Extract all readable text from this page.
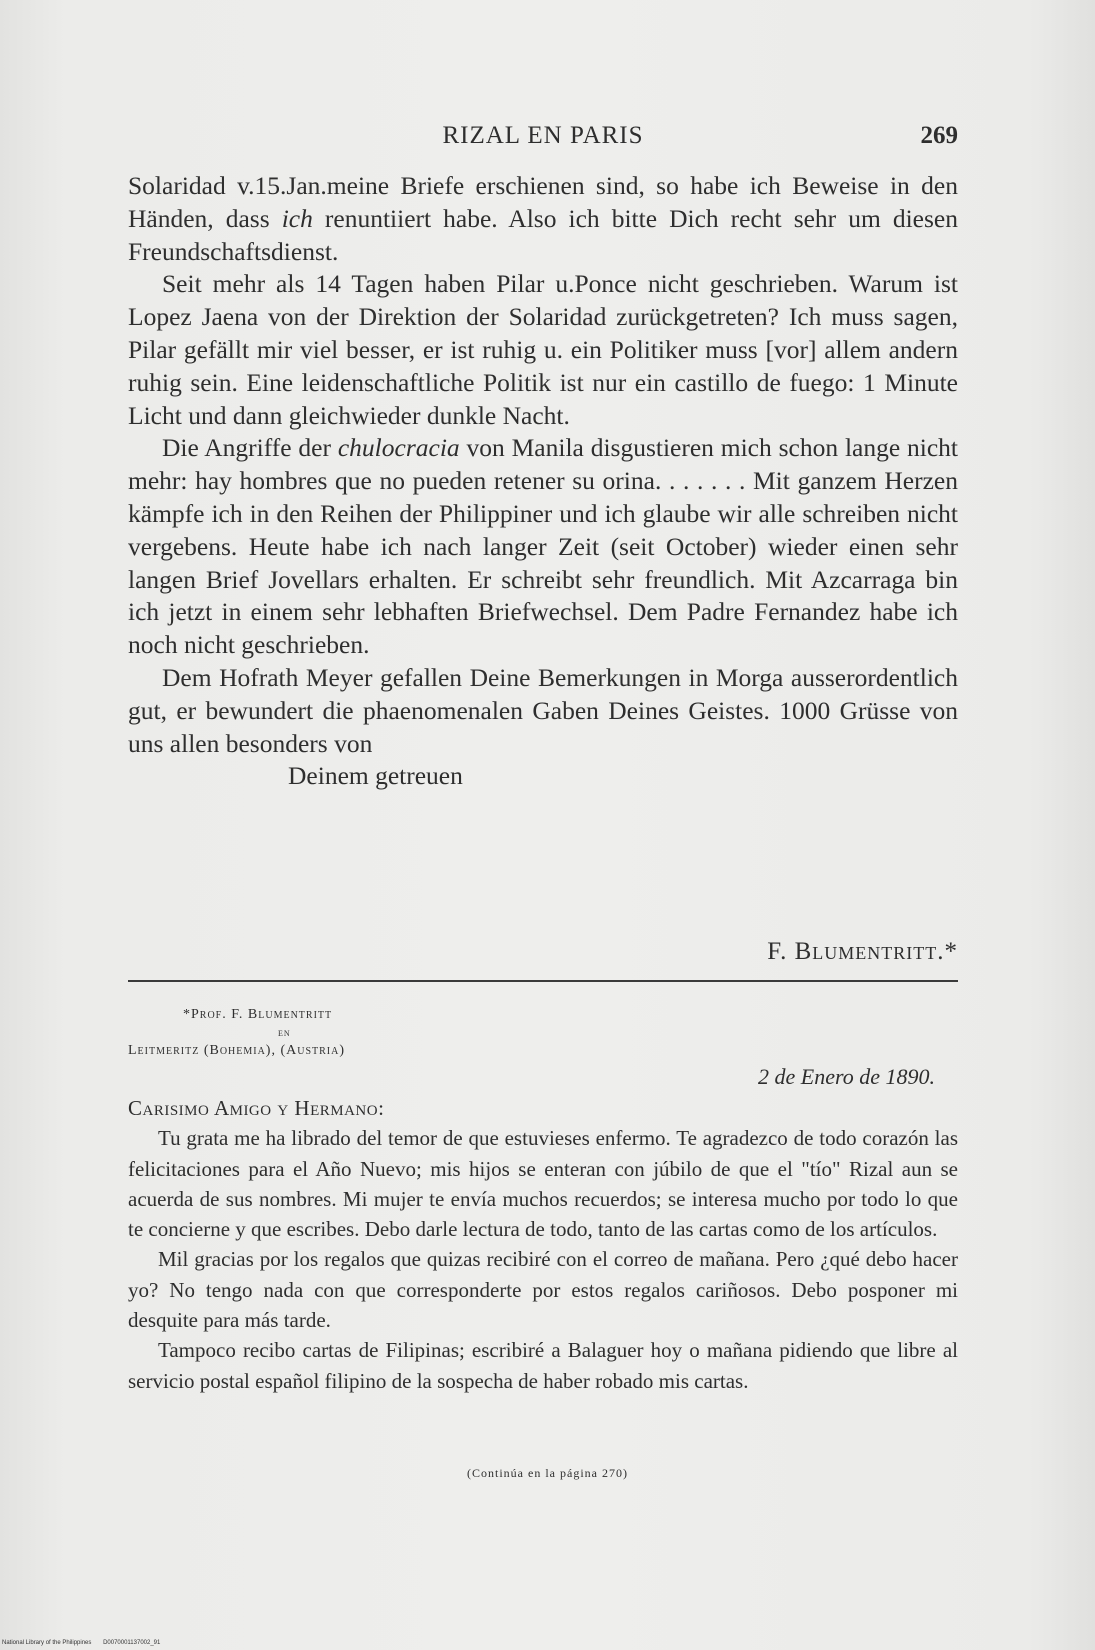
RIZAL EN PARIS	269

Solaridad v.15.Jan.meine Briefe erschienen sind, so habe ich Beweise in den Händen, dass ich renuntiiert habe. Also ich bitte Dich recht sehr um diesen Freundschaftsdienst.

Seit mehr als 14 Tagen haben Pilar u.Ponce nicht geschrieben. Warum ist Lopez Jaena von der Direktion der Solaridad zurückgetreten? Ich muss sagen, Pilar gefällt mir viel besser, er ist ruhig u. ein Politiker muss [vor] allem andern ruhig sein. Eine leidenschaftliche Politik ist nur ein castillo de fuego: 1 Minute Licht und dann gleichwieder dunkle Nacht.

Die Angriffe der chulocracia von Manila disgustieren mich schon lange nicht mehr: hay hombres que no pueden retener su orina. . . . . . . Mit ganzem Herzen kämpfe ich in den Reihen der Philippiner und ich glaube wir alle schreiben nicht vergebens. Heute habe ich nach langer Zeit (seit October) wieder einen sehr langen Brief Jovellars erhalten. Er schreibt sehr freundlich. Mit Azcarraga bin ich jetzt in einem sehr lebhaften Briefwechsel. Dem Padre Fernandez habe ich noch nicht geschrieben.

Dem Hofrath Meyer gefallen Deine Bemerkungen in Morga ausserordentlich gut, er bewundert die phaenomenalen Gaben Deines Geistes. 1000 Grüsse von uns allen besonders von

Deinem getreuen

F. Blumentritt.*
*Prof. F. Blumentritt
en
Leitmeritz (Bohemia), (Austria)
2 de Enero de 1890.

Carisimo Amigo y Hermano:

Tu grata me ha librado del temor de que estuvieses enfermo. Te agradezco de todo corazón las felicitaciones para el Año Nuevo; mis hijos se enteran con júbilo de que el "tío" Rizal aun se acuerda de sus nombres. Mi mujer te envía muchos recuerdos; se interesa mucho por todo lo que te concierne y que escribes. Debo darle lectura de todo, tanto de las cartas como de los artículos.

Mil gracias por los regalos que quizas recibiré con el correo de mañana. Pero ¿qué debo hacer yo? No tengo nada con que corresponderte por estos regalos cariñosos. Debo posponer mi desquite para más tarde.

Tampoco recibo cartas de Filipinas; escribiré a Balaguer hoy o mañana pidiendo que libre al servicio postal español filipino de la sospecha de haber robado mis cartas.

(Continúa en la página 270)
National Library of the Philippines D0070001137002_91
